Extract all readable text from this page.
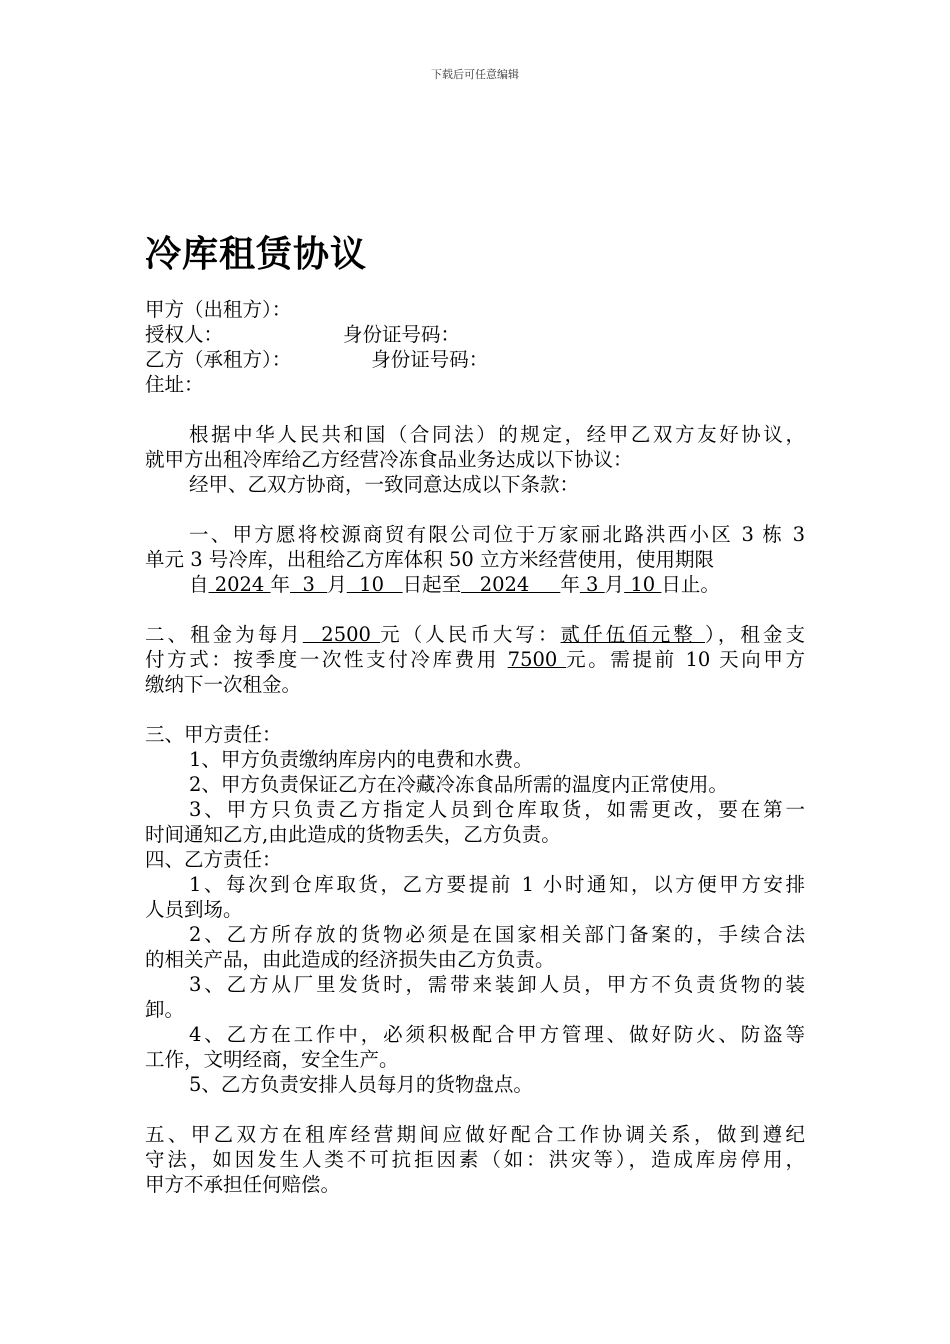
下载后可任意编辑
冷库租赁协议
甲方（出租方）：
授权人：	身份证号码：
乙方（承租方）：	身份证号码：
住址：
根据中华人民共和国（合同法）的规定，经甲乙双方友好协议，
就甲方出租冷库给乙方经营冷冻食品业务达成以下协议：
经甲、乙双方协商，一致同意达成以下条款：
一、甲方愿将校源商贸有限公司位于万家丽北路洪西小区 3 栋 3
单元 3 号冷库，出租给乙方库体积 50 立方米经营使用，使用期限
自 2024 年  3  月  10   日起至   2024     年 3 月 10 日止。
二、租金为每月  2500 元（人民币大写：贰仟伍佰元整 ），租金支
付方式：按季度一次性支付冷库费用 7500 元。需提前 10 天向甲方
缴纳下一次租金。
三、甲方责任：
1、甲方负责缴纳库房内的电费和水费。
2、甲方负责保证乙方在冷藏冷冻食品所需的温度内正常使用。
3、甲方只负责乙方指定人员到仓库取货，如需更改，要在第一
时间通知乙方,由此造成的货物丢失，乙方负责。
四、乙方责任：
1、每次到仓库取货，乙方要提前 1 小时通知，以方便甲方安排
人员到场。
2、乙方所存放的货物必须是在国家相关部门备案的，手续合法
的相关产品，由此造成的经济损失由乙方负责。
3、乙方从厂里发货时，需带来装卸人员，甲方不负责货物的装
卸。
4、乙方在工作中，必须积极配合甲方管理、做好防火、防盗等
工作，文明经商，安全生产。
5、乙方负责安排人员每月的货物盘点。
五、甲乙双方在租库经营期间应做好配合工作协调关系，做到遵纪
守法，如因发生人类不可抗拒因素（如：洪灾等），造成库房停用，
甲方不承担任何赔偿。
